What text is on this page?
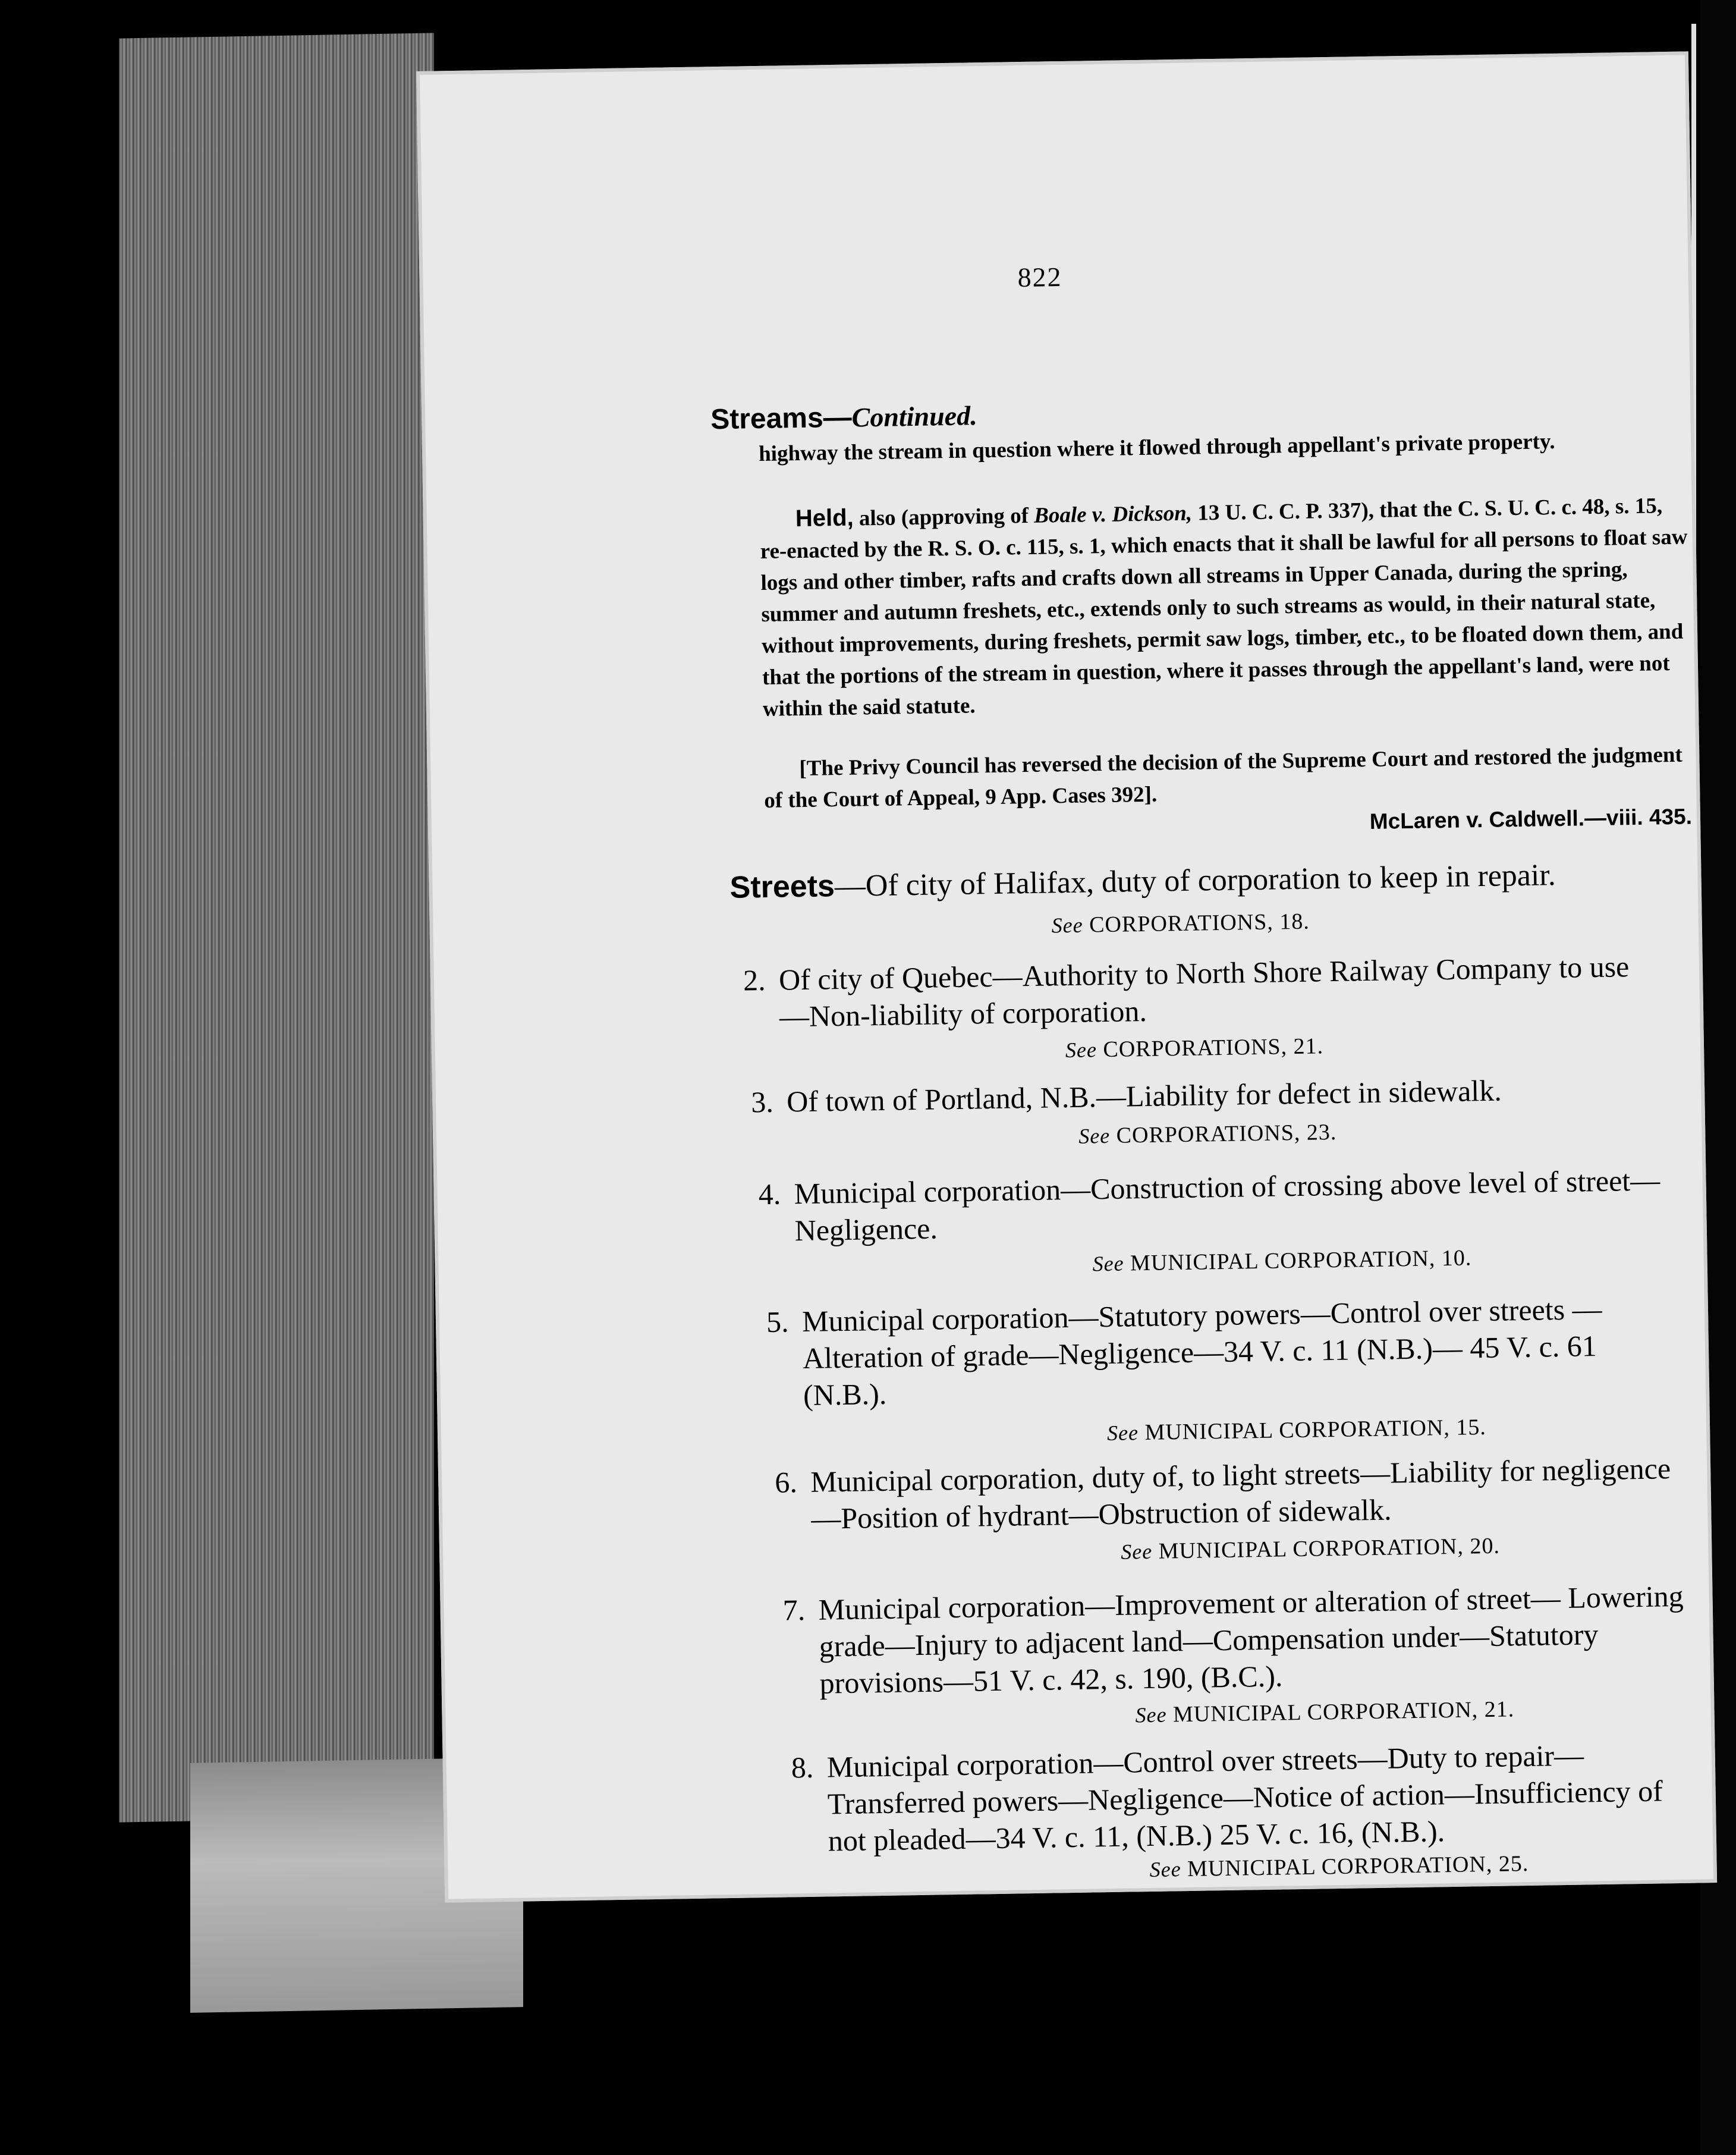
822
Streams—Continued.
highway the stream in question where it flowed through appellant's private property.
Held, also (approving of Boale v. Dickson, 13 U. C. C. P. 337), that the C. S. U. C. c. 48, s. 15, re-enacted by the R. S. O. c. 115, s. 1, which enacts that it shall be lawful for all persons to float saw logs and other timber, rafts and crafts down all streams in Upper Canada, during the spring, summer and autumn freshets, etc., extends only to such streams as would, in their natural state, without improvements, during freshets, permit saw logs, timber, etc., to be floated down them, and that the portions of the stream in question, where it passes through the appellant's land, were not within the said statute.
[The Privy Council has reversed the decision of the Supreme Court and restored the judgment of the Court of Appeal, 9 App. Cases 392].
McLaren v. Caldwell.—viii. 435.
Streets—Of city of Halifax, duty of corporation to keep in repair.
See CORPORATIONS, 18.
2. Of city of Quebec—Authority to North Shore Railway Company to use—Non-liability of corporation.
See CORPORATIONS, 21.
3. Of town of Portland, N.B.—Liability for defect in sidewalk.
See CORPORATIONS, 23.
4. Municipal corporation—Construction of crossing above level of street—Negligence.
See MUNICIPAL CORPORATION, 10.
5. Municipal corporation—Statutory powers—Control over streets —Alteration of grade—Negligence—34 V. c. 11 (N.B.)— 45 V. c. 61 (N.B.).
See MUNICIPAL CORPORATION, 15.
6. Municipal corporation, duty of, to light streets—Liability for negligence—Position of hydrant—Obstruction of sidewalk.
See MUNICIPAL CORPORATION, 20.
7. Municipal corporation—Improvement or alteration of street— Lowering grade—Injury to adjacent land—Compensation under—Statutory provisions—51 V. c. 42, s. 190, (B.C.).
See MUNICIPAL CORPORATION, 21.
8. Municipal corporation—Control over streets—Duty to repair— Transferred powers—Negligence—Notice of action—Insufficiency of not pleaded—34 V. c. 11, (N.B.) 25 V. c. 16, (N.B.).
See MUNICIPAL CORPORATION, 25.
